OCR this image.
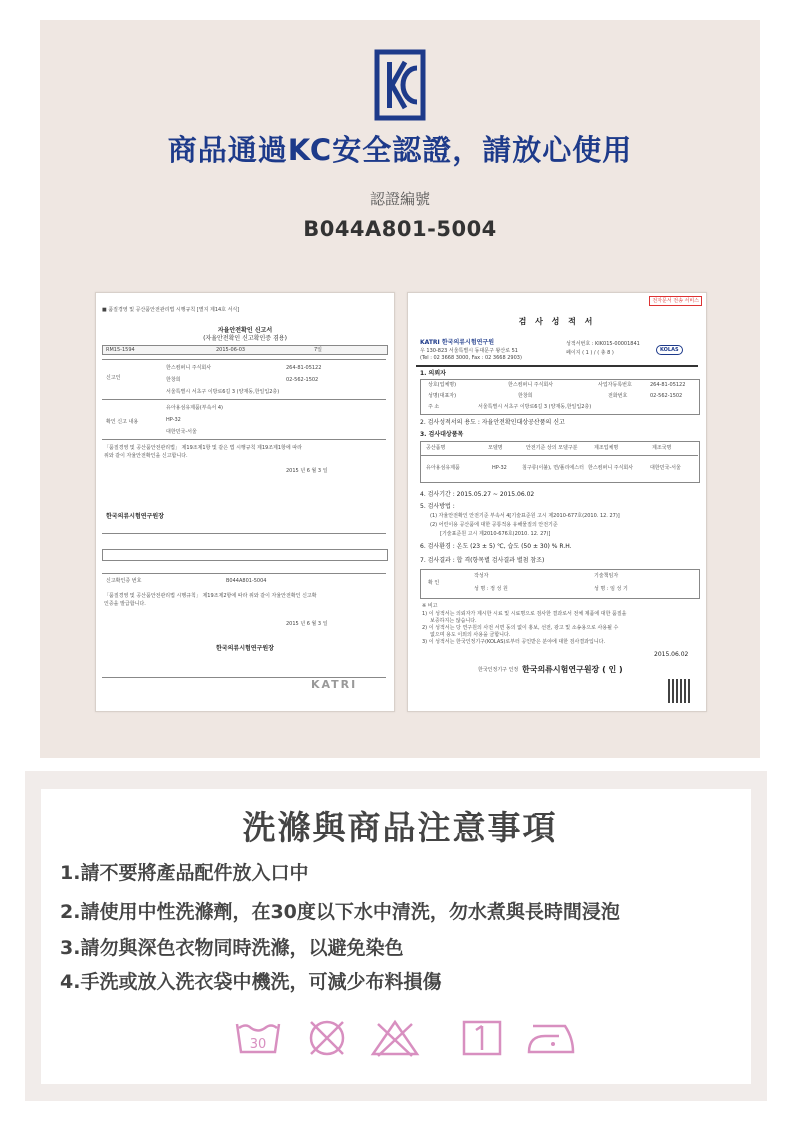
商品通過KC安全認證，請放心使用
認證編號
B044A801-5004
■ 품질경영 및 공산품안전관리법 시행규칙 [별지 제14호 서식]
자율안전확인 신고서
(자율안전확인 신고확인증 겸용)
RM15-1594	2015-06-03	7일
신고인
한스컴퍼니 주식회사	264-81-05122
한창희	02-562-1502
서울특별시 서초구 이방로6길 3 (양재동,한일입2층)
확인 신고 내용
유아용섬유제품(부속서 4)
HP-32
대한민국-서울
「품질경영 및 공산품안전관리법」 제19조제1항 및 같은 법 시행규칙 제19조제1항에 따라
위와 같이 자율안전확인을 신고합니다.
2015 년 6 월 3 일
한국의류시험연구원장
신고확인증 번호	B044A801-5004
「품질경영 및 공산품안전관리법 시행규칙」 제19조제2항에 따라 위와 같이 자율안전확인 신고확
인증을 발급합니다.
2015 년 6 월 3 일
한국의류시험연구원장
KATRI
전자문서 전송 서비스
검 사 성 적 서
KATRI 한국의류시험연구원
우 130-823 서울특별시 동대문구 왕산로 51
(Tel : 02 3668 3000, Fax : 02 3668 2903)
성적서번호 : KIK015-00001841
페이지 ( 1 ) / ( 총 8 )	KOLAS
1. 의뢰자
상호(업체명)	한스컴퍼니 주식회사	사업자등록번호	264-81-05122
성명(대표자)	한창희	전화번호	02-562-1502
주 소	서울특별시 서초구 이방로6길 3 (양재동,한일입2층)
2. 검사성적서의 용도 : 자율안전확인대상공산품의 신고
3. 검사대상품목
공산품명	모델명	안전기준 상의 모델구분	제조업체명	제조국명
유아용섬유제품	HP-32	침구류(이불), 면/폴리에스터 한스컴퍼니 주식회사	대한민국-서울
4. 검사기간 : 2015.05.27 ~ 2015.06.02
5. 검사방법 :
(1) 자율안전확인 안전기준 부속서 4[기술표준원 고시 제2010-677호(2010. 12. 27)]
(2) 어린이용 공산품에 대한 공통적용 유해물질의 안전기준
[기술표준원 고시 제2010-676호(2010. 12. 27)]
6. 검사환경 : 온도 (23 ± 5) ℃, 습도 (50 ± 30) % R.H.
7. 검사결과 : 합 격(항목별 검사결과 별첨 참조)
확 인
작성자
성 명 : 정 성 원
기술책임자
성 명 : 임 성 기
※ 비고
1) 이 성적서는 의뢰자가 제시한 시료 및 시료명으로 검사한 결과로서 전체 제품에 대한 품질을
보증하지는 않습니다.
2) 이 성적서는 당 연구원의 사전 서면 동의 없이 홍보, 선전, 광고 및 소송용으로 사용될 수
없으며 용도 이외의 사용을 금합니다.
3) 이 성적서는 한국인정기구(KOLAS)로부터 공인받은 분야에 대한 검사결과입니다.
2015.06.02
한국인정기구 인정 한국의류시험연구원장 ( 인 )
洗滌與商品注意事項
1.請不要將產品配件放入口中
2.請使用中性洗滌劑，在30度以下水中清洗，勿水煮與長時間浸泡
3.請勿與深色衣物同時洗滌，以避免染色
4.手洗或放入洗衣袋中機洗，可減少布料損傷
30
